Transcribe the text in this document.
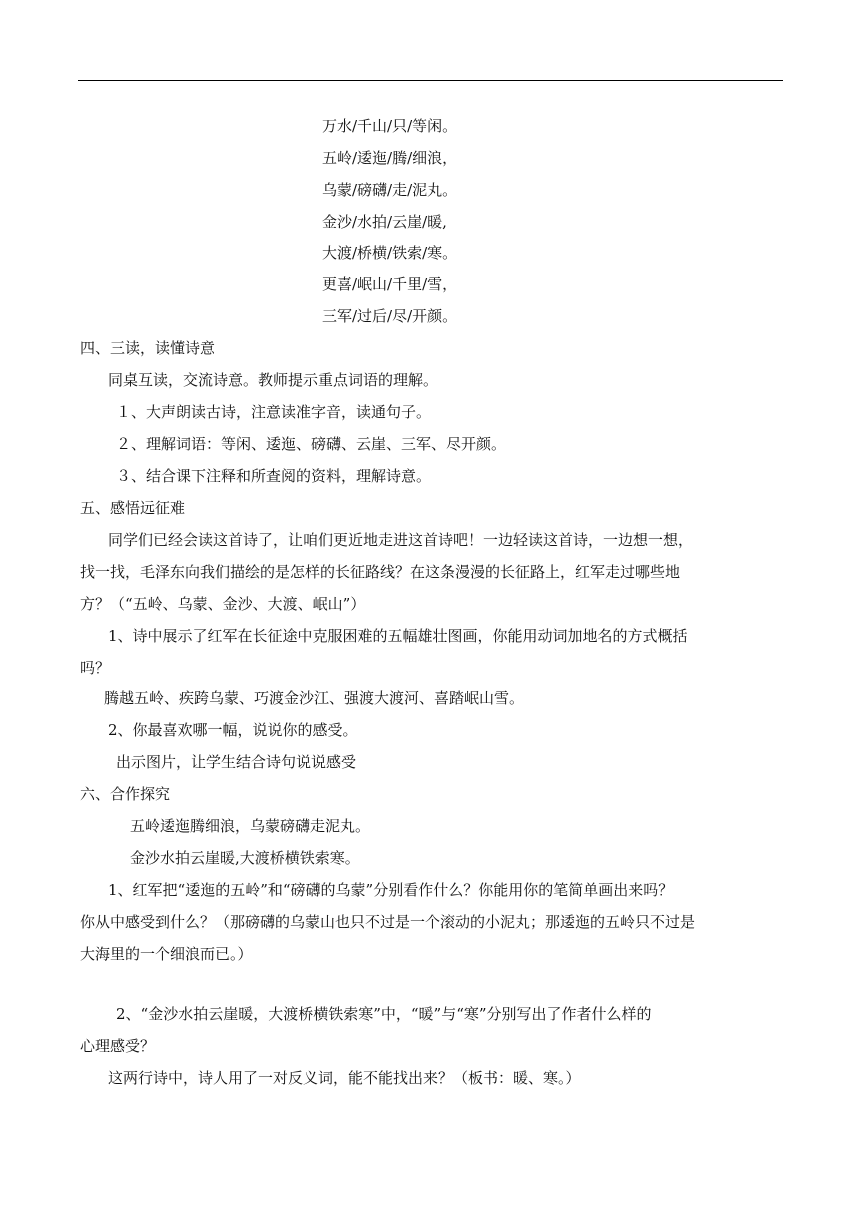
万水/千山/只/等闲。
五岭/逶迤/腾/细浪，
乌蒙/磅礴/走/泥丸。
金沙/水拍/云崖/暖,
大渡/桥横/铁索/寒。
更喜/岷山/千里/雪，
三军/过后/尽/开颜。
四、三读，读懂诗意
同桌互读，交流诗意。教师提示重点词语的理解。
１、大声朗读古诗，注意读准字音，读通句子。
２、理解词语：等闲、逶迤、磅礴、云崖、三军、尽开颜。
３、结合课下注释和所查阅的资料，理解诗意。
五、感悟远征难
同学们已经会读这首诗了，让咱们更近地走进这首诗吧！一边轻读这首诗，一边想一想，
找一找，毛泽东向我们描绘的是怎样的长征路线？在这条漫漫的长征路上，红军走过哪些地
方？（“五岭、乌蒙、金沙、大渡、岷山”）
1、诗中展示了红军在长征途中克服困难的五幅雄壮图画，你能用动词加地名的方式概括
吗？
腾越五岭、疾跨乌蒙、巧渡金沙江、强渡大渡河、喜踏岷山雪。
2、你最喜欢哪一幅，说说你的感受。
出示图片，让学生结合诗句说说感受
六、合作探究
五岭逶迤腾细浪，乌蒙磅礴走泥丸。
金沙水拍云崖暖,大渡桥横铁索寒。
1、红军把“逶迤的五岭”和“磅礴的乌蒙”分别看作什么？你能用你的笔简单画出来吗？
你从中感受到什么？（那磅礴的乌蒙山也只不过是一个滚动的小泥丸；那逶迤的五岭只不过是
大海里的一个细浪而已。）
2、“金沙水拍云崖暖，大渡桥横铁索寒”中，“暖”与“寒”分别写出了作者什么样的
心理感受？
这两行诗中，诗人用了一对反义词，能不能找出来？（板书：暖、寒。）
